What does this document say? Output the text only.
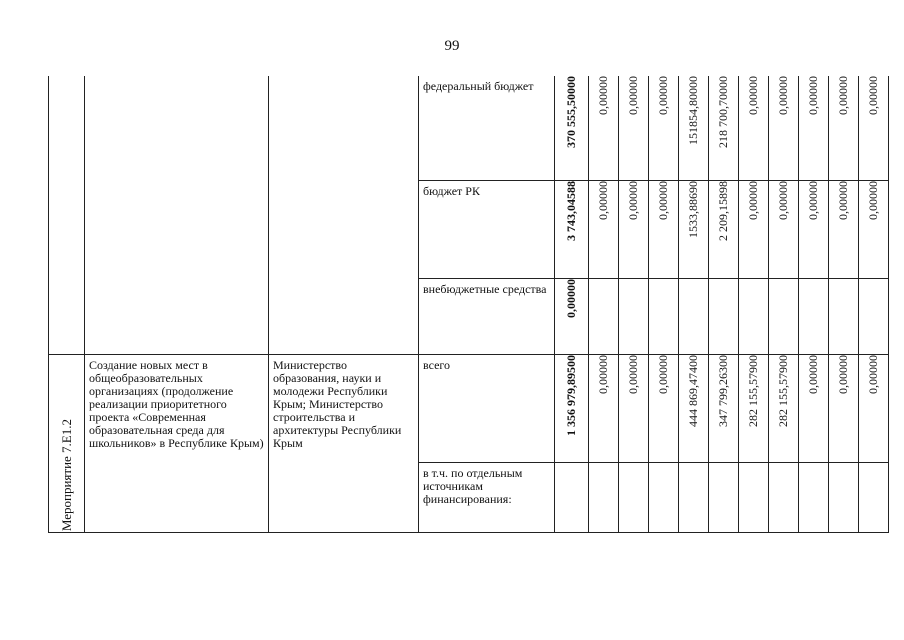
99

			федеральный бюджет	370 555,50000	0,00000	0,00000	0,00000	151854,80000	218 700,70000	0,00000	0,00000	0,00000	0,00000	0,00000

			бюджет РК	3 743,04588	0,00000	0,00000	0,00000	1533,88690	2 209,15898	0,00000	0,00000	0,00000	0,00000	0,00000

			внебюджетные средства	0,00000										

Мероприятие 7.Е1.2	Создание новых мест в общеобразовательных организациях (продолжение реализации приоритетного проекта «Современная образовательная среда для школьников» в Республике Крым)	Министерство образования, науки и молодежи Республики Крым; Министерство строительства и архитектуры Республики Крым	всего	1 356 979,89500	0,00000	0,00000	0,00000	444 869,47400	347 799,26300	282 155,57900	282 155,57900	0,00000	0,00000	0,00000

			в т.ч. по отдельным источникам финансирования:											
